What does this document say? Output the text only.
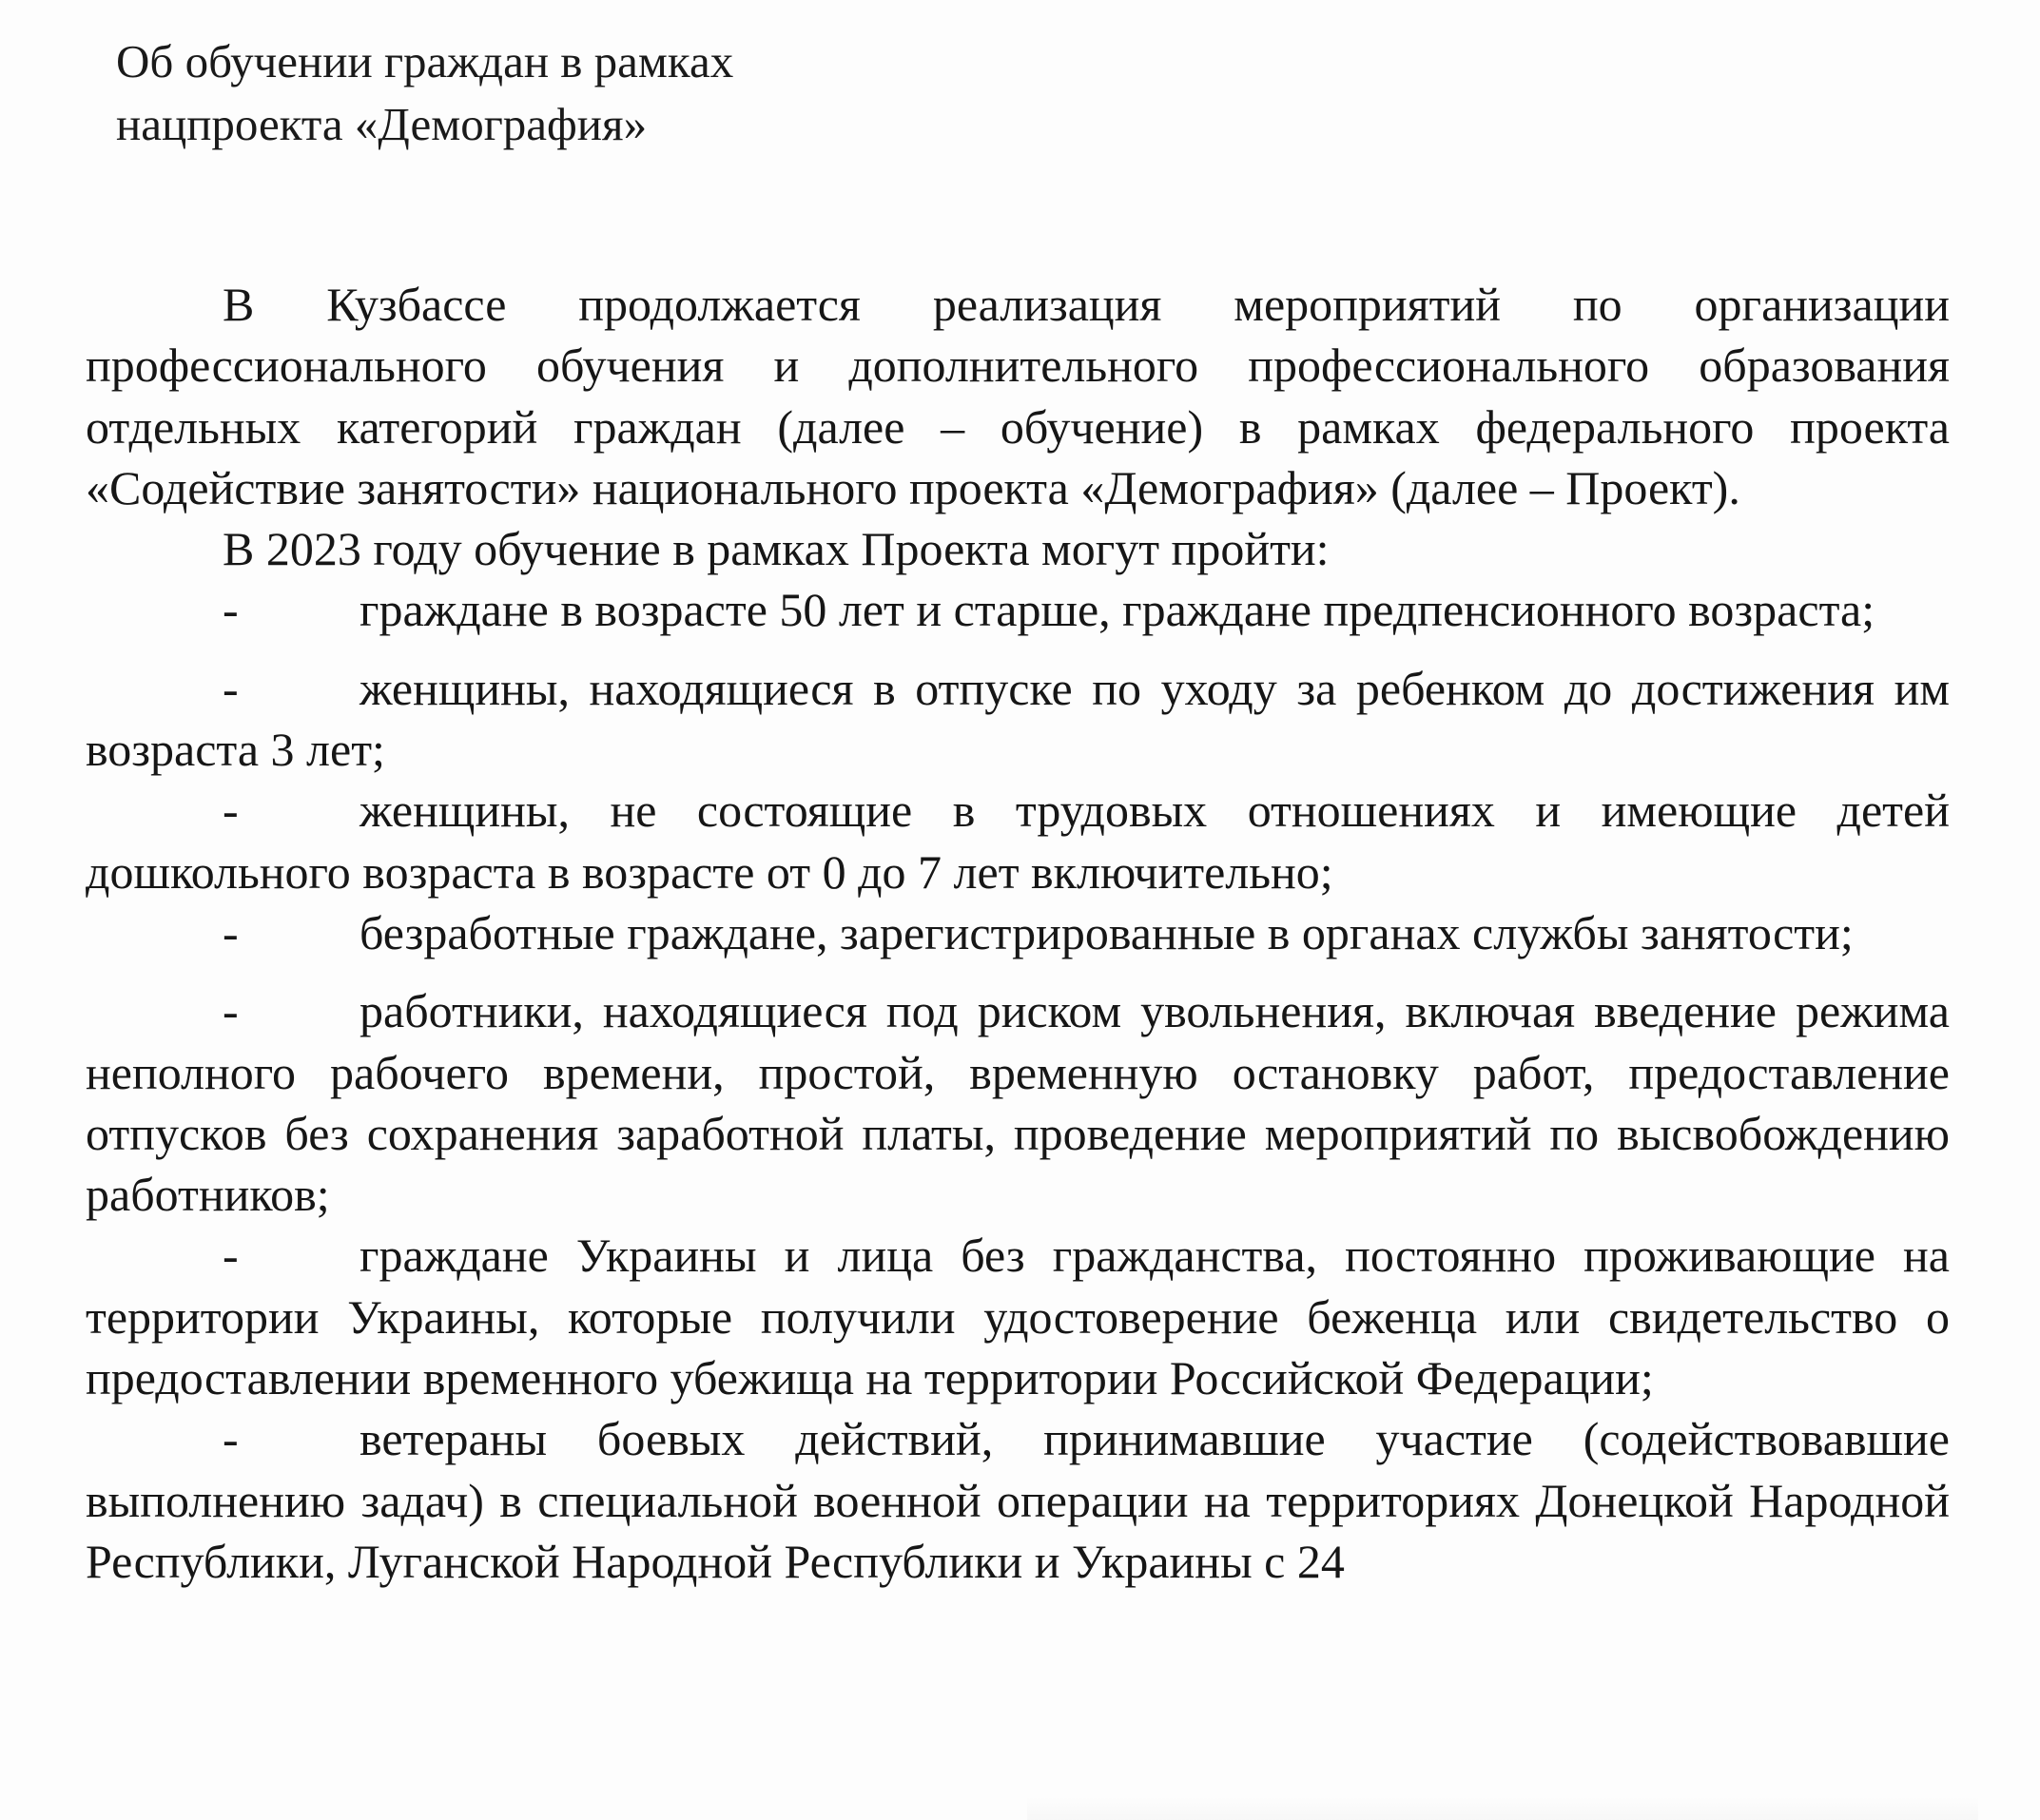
Об обучении граждан в рамках
нацпроекта «Демография»

В Кузбассе продолжается реализация мероприятий по организации профессионального обучения и дополнительного профессионального образования отдельных категорий граждан (далее – обучение) в рамках федерального проекта «Содействие занятости» национального проекта «Демография» (далее – Проект).

В 2023 году обучение в рамках Проекта могут пройти:

-	граждане в возрасте 50 лет и старше, граждане предпенсионного возраста;

-	женщины, находящиеся в отпуске по уходу за ребенком до достижения им возраста 3 лет;

-	женщины, не состоящие в трудовых отношениях и имеющие детей дошкольного возраста в возрасте от 0 до 7 лет включительно;

-	безработные граждане, зарегистрированные в органах службы занятости;

-	работники, находящиеся под риском увольнения, включая введение режима неполного рабочего времени, простой, временную остановку работ, предоставление отпусков без сохранения заработной платы, проведение мероприятий по высвобождению работников;

-	граждане Украины и лица без гражданства, постоянно проживающие на территории Украины, которые получили удостоверение беженца или свидетельство о предоставлении временного убежища на территории Российской Федерации;

-	ветераны боевых действий, принимавшие участие (содействовавшие выполнению задач) в специальной военной операции на территориях Донецкой Народной Республики, Луганской Народной Республики и Украины с 24
